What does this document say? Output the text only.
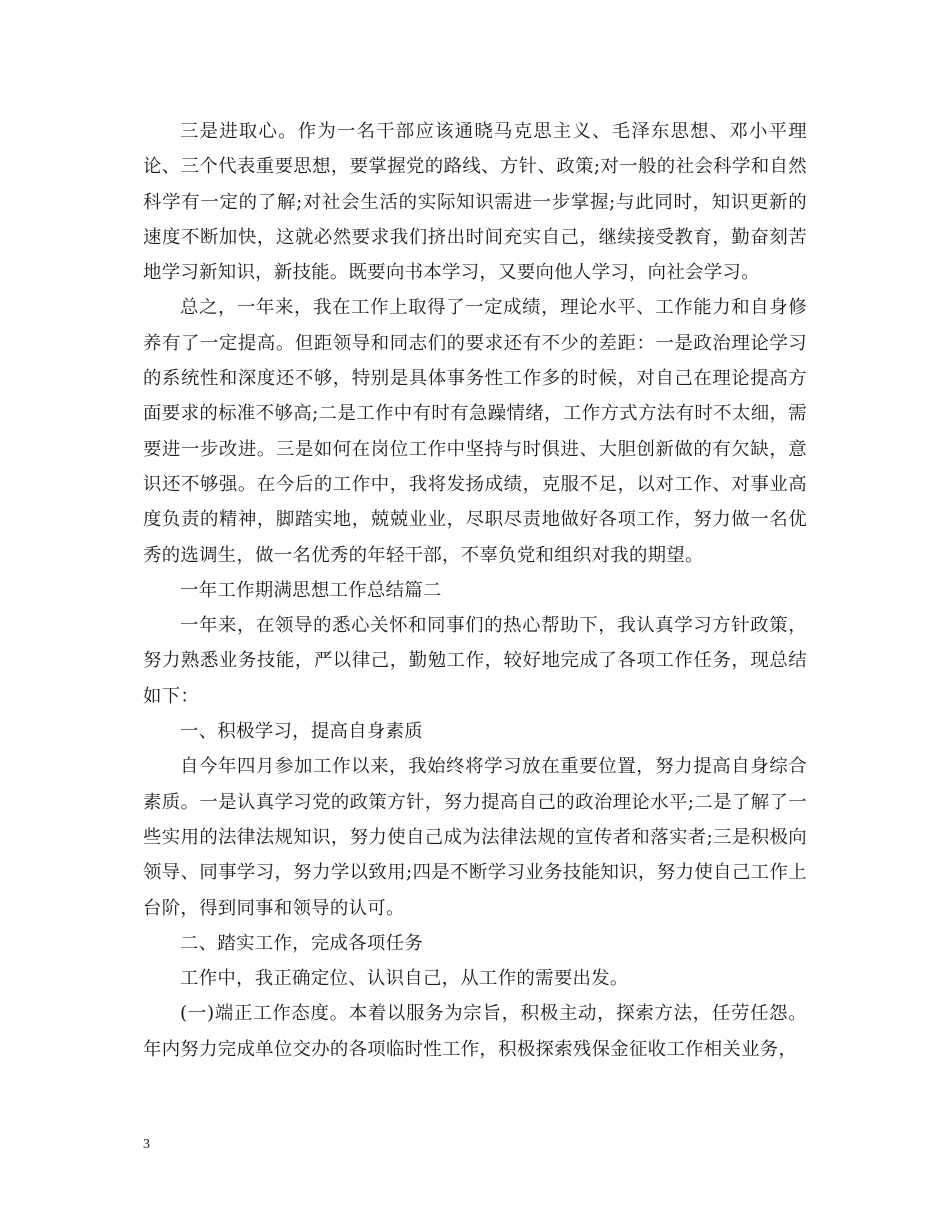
三是进取心。作为一名干部应该通晓马克思主义、毛泽东思想、邓小平理论、三个代表重要思想，要掌握党的路线、方针、政策;对一般的社会科学和自然科学有一定的了解;对社会生活的实际知识需进一步掌握;与此同时，知识更新的速度不断加快，这就必然要求我们挤出时间充实自己，继续接受教育，勤奋刻苦地学习新知识，新技能。既要向书本学习，又要向他人学习，向社会学习。

总之，一年来，我在工作上取得了一定成绩，理论水平、工作能力和自身修养有了一定提高。但距领导和同志们的要求还有不少的差距：一是政治理论学习的系统性和深度还不够，特别是具体事务性工作多的时候，对自己在理论提高方面要求的标准不够高;二是工作中有时有急躁情绪，工作方式方法有时不太细，需要进一步改进。三是如何在岗位工作中坚持与时俱进、大胆创新做的有欠缺，意识还不够强。在今后的工作中，我将发扬成绩，克服不足，以对工作、对事业高度负责的精神，脚踏实地，兢兢业业，尽职尽责地做好各项工作，努力做一名优秀的选调生，做一名优秀的年轻干部，不辜负党和组织对我的期望。

一年工作期满思想工作总结篇二

一年来，在领导的悉心关怀和同事们的热心帮助下，我认真学习方针政策，努力熟悉业务技能，严以律己，勤勉工作，较好地完成了各项工作任务，现总结如下：

一、积极学习，提高自身素质

自今年四月参加工作以来，我始终将学习放在重要位置，努力提高自身综合素质。一是认真学习党的政策方针，努力提高自己的政治理论水平;二是了解了一些实用的法律法规知识，努力使自己成为法律法规的宣传者和落实者;三是积极向领导、同事学习，努力学以致用;四是不断学习业务技能知识，努力使自己工作上台阶，得到同事和领导的认可。

二、踏实工作，完成各项任务

工作中，我正确定位、认识自己，从工作的需要出发。

(一)端正工作态度。本着以服务为宗旨，积极主动，探索方法，任劳任怨。年内努力完成单位交办的各项临时性工作，积极探索残保金征收工作相关业务，

3
